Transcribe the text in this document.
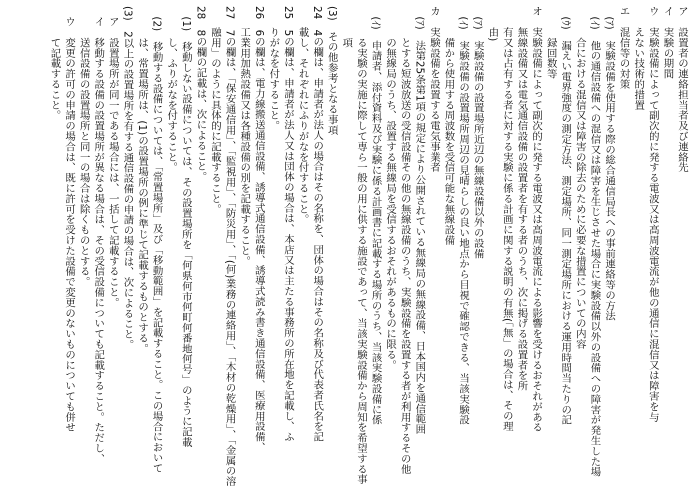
ア　設置者の連絡担当者及び連絡先
イ　実験の期間
ウ　実験設備によって副次的に発する電波又は高周波電流が他の通信に混信又は障害を与
　　えない技術的措置
エ　混信等の対策
　(ｱ)　実験設備を使用する際の総合通信局長への事前連絡等の方法
　(ｲ)　他の通信設備への混信又は障害を生じさせた場合に実験設備以外の設備への障害が発生した場
　　　合における混信又は障害の除去のために必要な措置についての内容
　(ｳ)　漏えい電界強度の測定方法、測定場所、同一測定場所における運用時間当たりの記
　　　録回数等
オ　実験設備によって副次的に発する電波又は高周波電流による影響を受けるおそれがある
　　無線設備又は電気通信設備の設置者を有する者のうち、次に掲げる設置者を所
　　有又は占有する者に対する実験に係る計画に関する説明の有無(「無」の場合は、その理
　　由)
　(ｱ)　実験設備の設置場所近辺の無線設備以外の設備
　(ｲ)　実験設備の設置場所周辺の見晴らしの良い地点から目視で確認できる、当該実験設
　　　備から使用する周波数を受信可能な無線設備
カ　実験設備を設置する電気事業者
　(ｱ)　法第25条第1項の規定により公開されている無線局の無線設備、日本国内を通信範囲
　　　とする短波放送の受信設備その他の無線設備のうち、実験設備を設置する者が利用するその他
　　　の無線局のうち、設置する無線局を受信するおそれがあるものに限る。
　(ｲ)　申請者、添付資料及び実験に係る計画書に記載する場所のうち、当該実験設備に係
　　　る実験の実施に際して専ら一般の用に供する施設であって、当該実験設備から周知を希望する事
　　　項
(3)　その他参考となる事項
24　4の欄は、申請者が法人の場合はその名称を、団体の場合はその名称及び代表者氏名を記
　　載し、それぞれにふりがなを付すること。
25　5の欄は、申請者が法人又は団体の場合は、本店又は主たる事務所の所在地を記載し、ふ
　　りがなを付すること。
26　6の欄は、電力線搬送通信設備、誘導式通信設備、誘導式読み書き通信設備、医療用設備、
　　工業用加熱設備又は各種設備の別を記載すること。
27　7の欄は、「保安通信用」、「監視用」、「防災用」、「(何)業務の連絡用」、「木材の乾燥用」、「金属の溶
　　融用」のように具体的に記載すること。
28　8の欄の記載は、次によること。
　(1)　移動しない設備については、その設置場所を「何県何市何町何番地何号」のように記載
　　　し、ふりがなを付すること。
　(2)　移動する設備については、「常置場所」及び「移動範囲」を記載すること。この場合において
　　　は、常置場所は、(1)の設置場所の例に準じて記載するものとする。
(3)　2以上の設置場所を有する通信設備の申請の場合は、次によること。
　ア　設置場所が同一である場合には、一括して記載すること。
　イ　移動する設備の設置場所が異なる場合は、その受信設備についても記載すること。ただし、
　　　送信設備の設置場所と同一の場合は除くものとする。
　ウ　変更の許可の申請の場合は、既に許可を受けた設備で変更のないものについても併せ
　　　て記載すること。
